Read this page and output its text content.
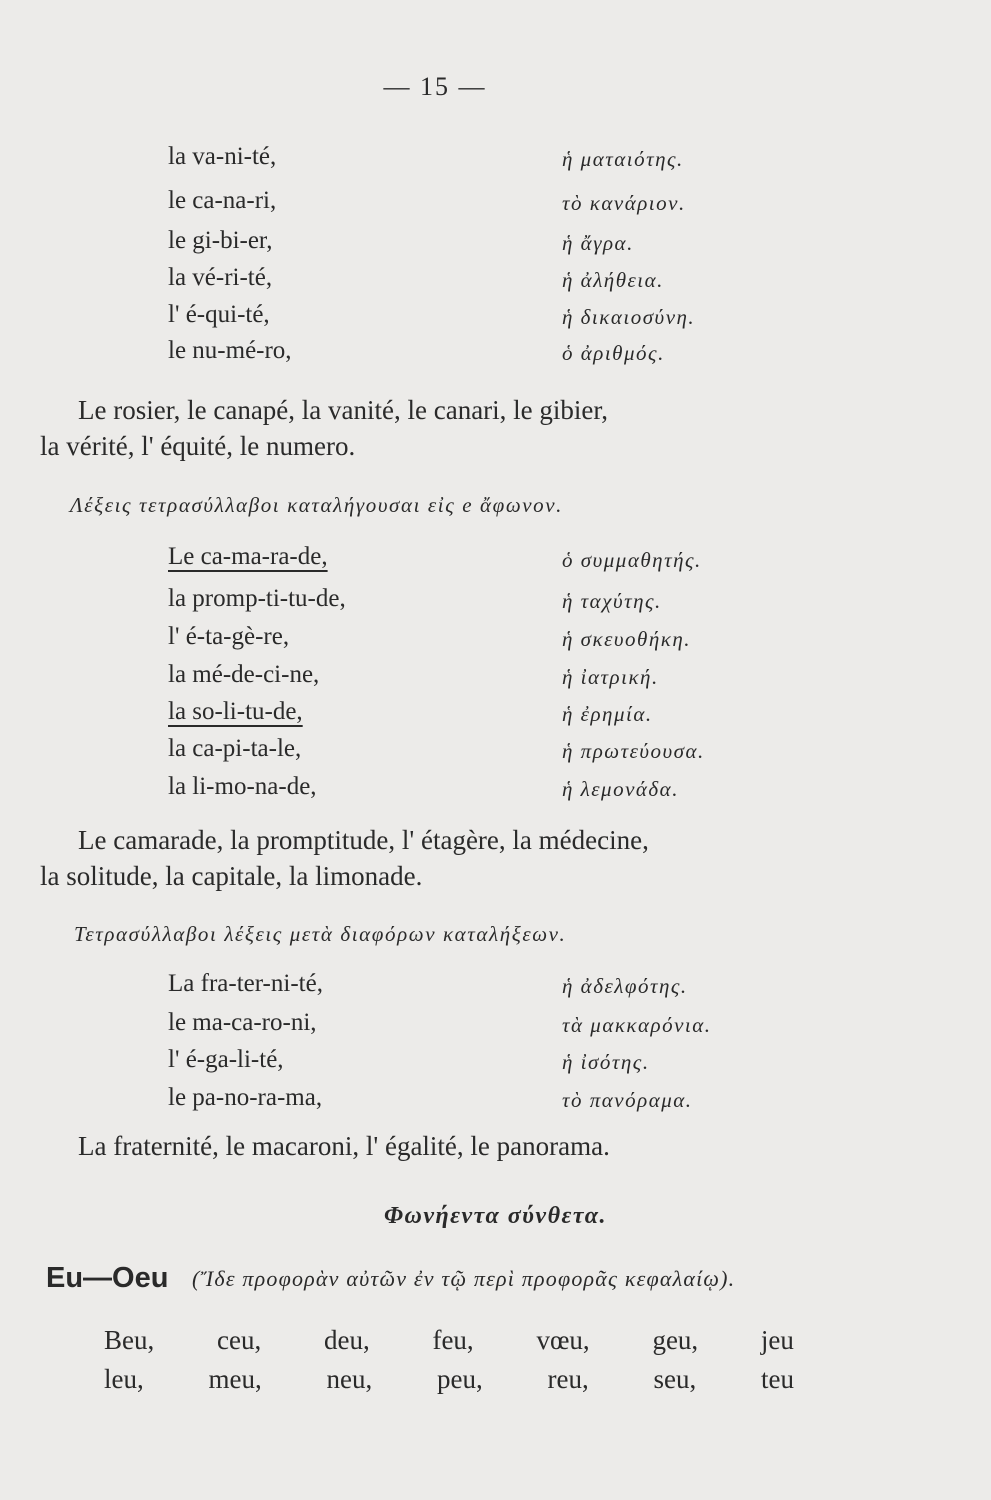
— 15 —
la va-ni-té,	ἡ ματαιότης.
le ca-na-ri,	τὸ κανάριον.
le gi-bi-er,	ἡ ἄγρα.
la vé-ri-té,	ἡ ἀλήθεια.
l' é-qui-té,	ἡ δικαιοσύνη.
le nu-mé-ro,	ὁ ἀριθμός.
Le rosier, le canapé, la vanité, le canari, le gibier,
la vérité, l' équité, le numero.
Λέξεις τετρασύλλαβοι καταλήγουσαι εἰς e ἄφωνον.
Le ca-ma-ra-de,	ὁ συμμαθητής.
la promp-ti-tu-de,	ἡ ταχύτης.
l' é-ta-gè-re,	ἡ σκευοθήκη.
la mé-de-ci-ne,	ἡ ἰατρική.
la so-li-tu-de,	ἡ ἐρημία.
la ca-pi-ta-le,	ἡ πρωτεύουσα.
la li-mo-na-de,	ἡ λεμονάδα.
Le camarade, la promptitude, l' étagère, la médecine,
la solitude, la capitale, la limonade.
Τετρασύλλαβοι λέξεις μετὰ διαφόρων καταλήξεων.
La fra-ter-ni-té,	ἡ ἀδελφότης.
le ma-ca-ro-ni,	τὰ μακκαρόνια.
l' é-ga-li-té,	ἡ ἰσότης.
le pa-no-ra-ma,	τὸ πανόραμα.
La fraternité, le macaroni, l' égalité, le panorama.
Φωνήεντα σύνθετα.
Eu—Oeu (Ἴδε προφορὰν αὐτῶν ἐν τῷ περὶ προφορᾶς κεφαλαίῳ).
Beu, ceu, deu, feu, vœu, geu, jeu
leu, meu, neu, peu, reu, seu, teu
